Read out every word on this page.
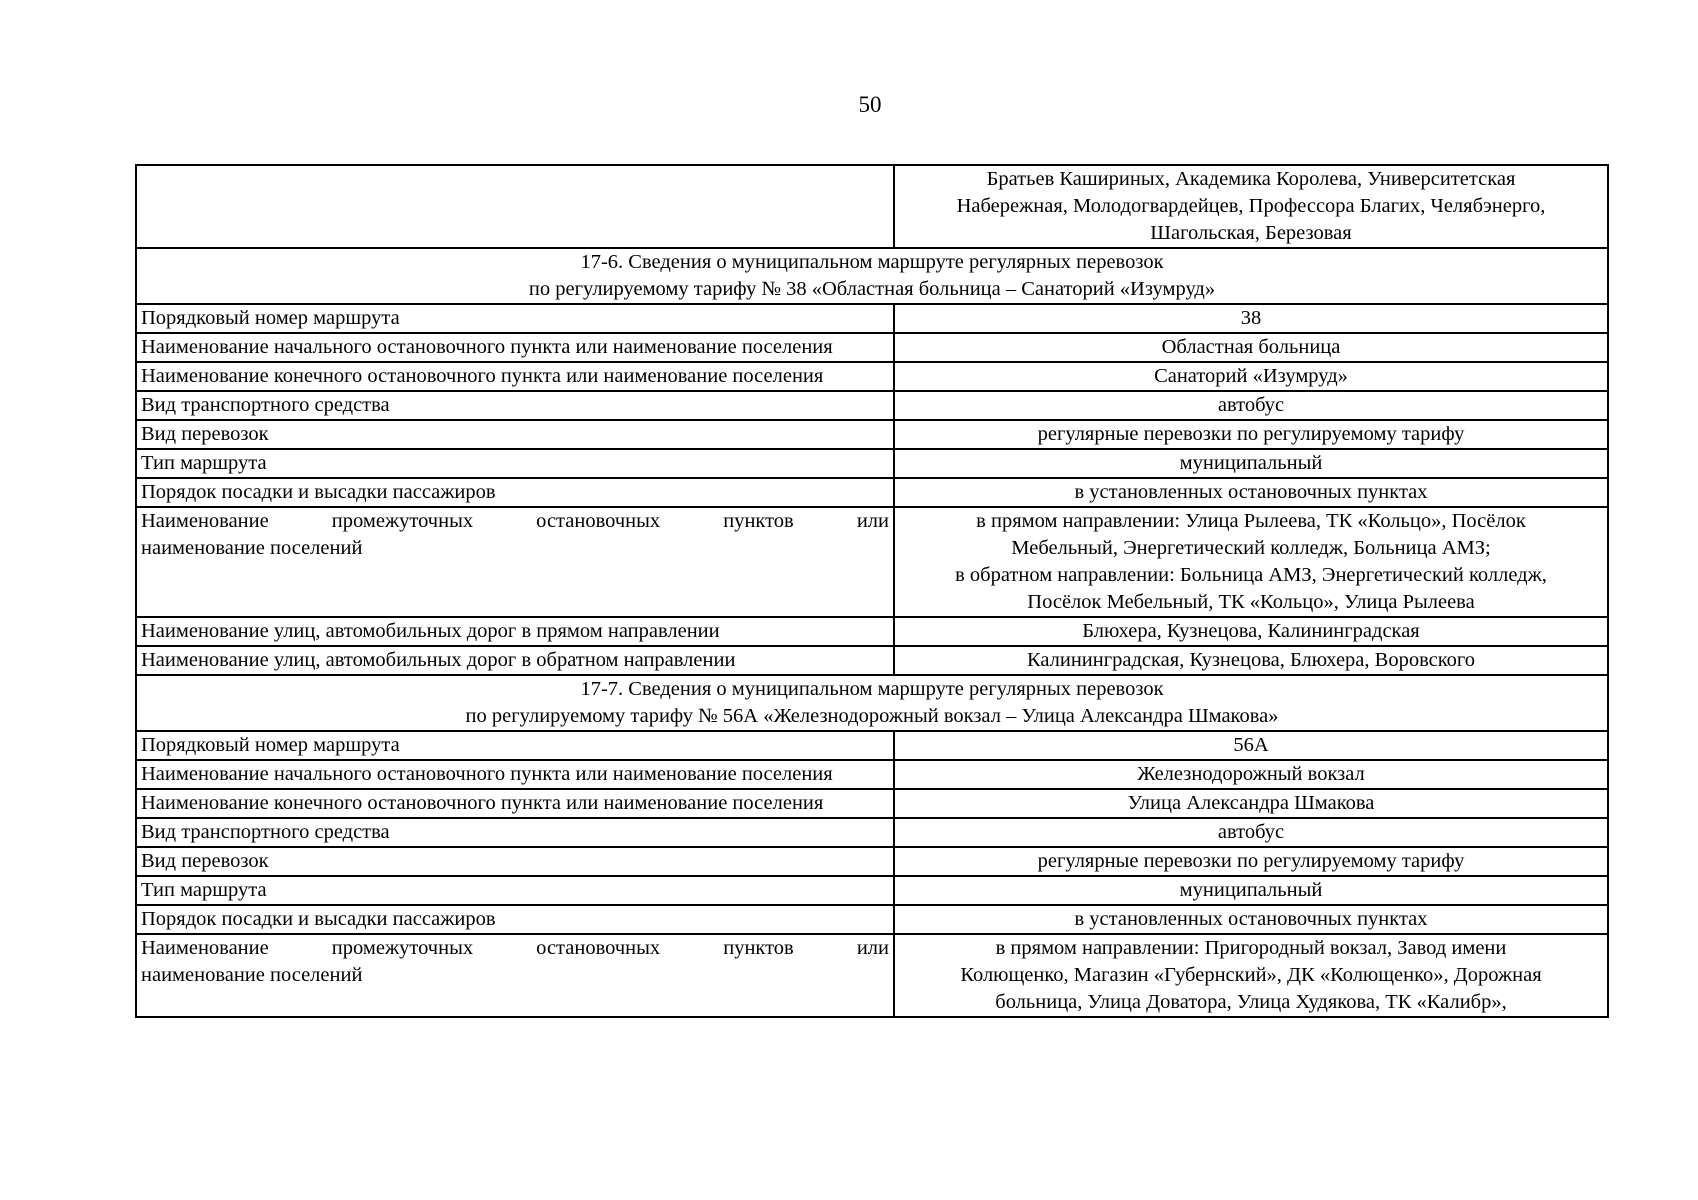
50

	Братьев Кашириных, Академика Королева, Университетская
Набережная, Молодогвардейцев, Профессора Благих, Челябэнерго,
Шагольская, Березовая

17-6. Сведения о муниципальном маршруте регулярных перевозок
по регулируемому тарифу № 38 «Областная больница – Санаторий «Изумруд»	

Порядковый номер маршрута	38
Наименование начального остановочного пункта или наименование поселения	Областная больница
Наименование конечного остановочного пункта или наименование поселения	Санаторий «Изумруд»
Вид транспортного средства	автобус
Вид перевозок	регулярные перевозки по регулируемому тарифу
Тип маршрута	муниципальный
Порядок посадки и высадки пассажиров	в установленных остановочных пунктах

Наименование промежуточных остановочных пунктов или
наименование поселений	в прямом направлении: Улица Рылеева, ТК «Кольцо», Посёлок
Мебельный, Энергетический колледж, Больница АМЗ;
в обратном направлении: Больница АМЗ, Энергетический колледж,
Посёлок Мебельный, ТК «Кольцо», Улица Рылеева

Наименование улиц, автомобильных дорог в прямом направлении	Блюхера, Кузнецова, Калининградская
Наименование улиц, автомобильных дорог в обратном направлении	Калининградская, Кузнецова, Блюхера, Воровского

17-7. Сведения о муниципальном маршруте регулярных перевозок
по регулируемому тарифу № 56А «Железнодорожный вокзал – Улица Александра Шмакова»	

Порядковый номер маршрута	56А
Наименование начального остановочного пункта или наименование поселения	Железнодорожный вокзал
Наименование конечного остановочного пункта или наименование поселения	Улица Александра Шмакова
Вид транспортного средства	автобус
Вид перевозок	регулярные перевозки по регулируемому тарифу
Тип маршрута	муниципальный
Порядок посадки и высадки пассажиров	в установленных остановочных пунктах

Наименование промежуточных остановочных пунктов или
наименование поселений	в прямом направлении: Пригородный вокзал, Завод имени
Колющенко, Магазин «Губернский», ДК «Колющенко», Дорожная
больница, Улица Доватора, Улица Худякова, ТК «Калибр»,
